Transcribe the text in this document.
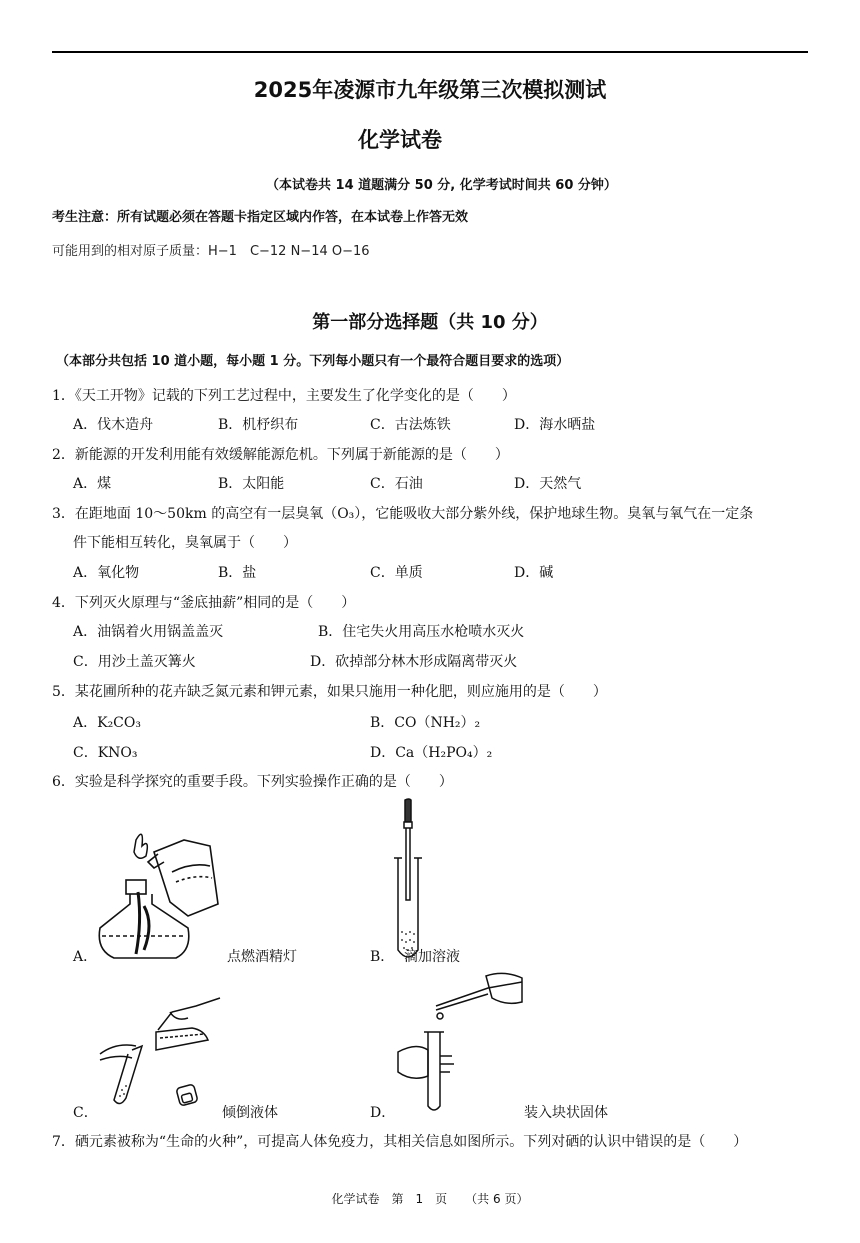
2025年凌源市九年级第三次模拟测试
化学试卷
（本试卷共 14 道题满分 50 分, 化学考试时间共 60 分钟）
考生注意：所有试题必须在答题卡指定区域内作答，在本试卷上作答无效
可能用到的相对原子质量：H−1　C−12 N−14 O−16
第一部分选择题（共 10 分）
（本部分共包括 10 道小题，每小题 1 分。下列每小题只有一个最符合题目要求的选项）
1．《天工开物》记载的下列工艺过程中，主要发生了化学变化的是（　　）
A．伐木造舟	B．机杼织布	C．古法炼铁	D．海水晒盐
2．新能源的开发利用能有效缓解能源危机。下列属于新能源的是（　　）
A．煤	B．太阳能	C．石油	D．天然气
3．在距地面 10～50km 的高空有一层臭氧（O₃），它能吸收大部分紫外线，保护地球生物。臭氧与氧气在一定条
件下能相互转化，臭氧属于（　　）
A．氧化物	B．盐	C．单质	D．碱
4．下列灭火原理与“釜底抽薪”相同的是（　　）
A．油锅着火用锅盖盖灭	B．住宅失火用高压水枪喷水灭火
C．用沙土盖灭篝火	D．砍掉部分林木形成隔离带灭火
5．某花圃所种的花卉缺乏氮元素和钾元素，如果只施用一种化肥，则应施用的是（　　）
A．K₂CO₃	B．CO（NH₂）₂
C．KNO₃	D．Ca（H₂PO₄）₂
6．实验是科学探究的重要手段。下列实验操作正确的是（　　）
A．	点燃酒精灯	B． 滴加溶液
C．	倾倒液体	D．	装入块状固体
7．硒元素被称为“生命的火种”，可提高人体免疫力，其相关信息如图所示。下列对硒的认识中错误的是（　　）
化学试卷　第　1　页　　（共 6 页）
